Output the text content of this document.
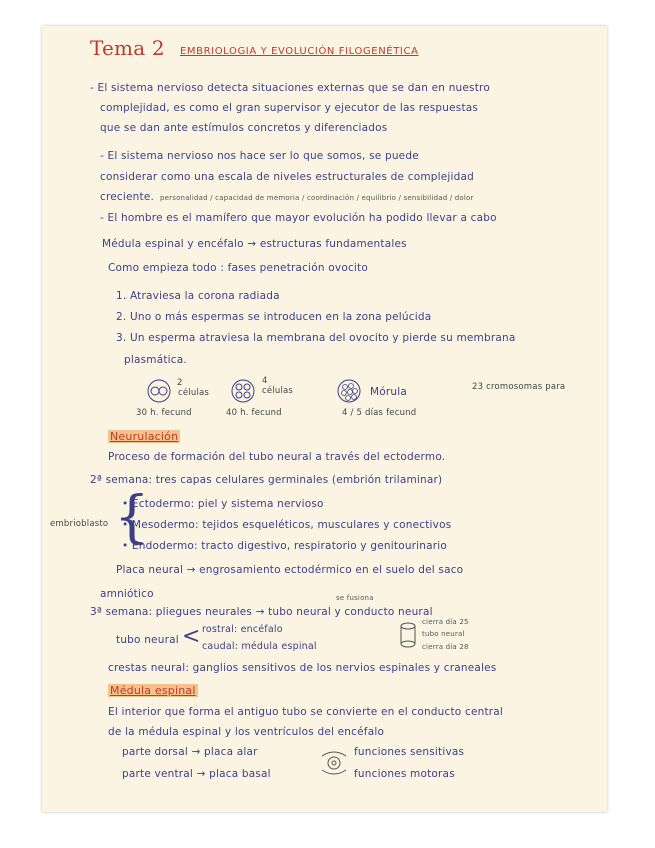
Tema 2 EMBRIOLOGIA Y EVOLUCIÓN FILOGENÉTICA
- El sistema nervioso detecta situaciones externas que se dan en nuestro
complejidad, es como el gran supervisor y ejecutor de las respuestas
que se dan ante estímulos concretos y diferenciados
- El sistema nervioso nos hace ser lo que somos, se puede
considerar como una escala de niveles estructurales de complejidad
creciente. personalidad / capacidad de memoria / coordinación / equilibrio / sensibilidad / dolor
- El hombre es el mamífero que mayor evolución ha podido llevar a cabo
Médula espinal y encéfalo → estructuras fundamentales
Como empieza todo : fases penetración ovocito
1. Atraviesa la corona radiada
2. Uno o más espermas se introducen en la zona pelúcida
3. Un esperma atraviesa la membrana del ovocito y pierde su membrana
plasmática.
2
células
30 h. fecund
4
células
40 h. fecund
Mórula
4 / 5 días fecund
23 cromosomas para
Neurulación
Proceso de formación del tubo neural a través del ectodermo.
2ª semana: tres capas celulares germinales (embrión trilaminar)
embrioblasto {
• Ectodermo: piel y sistema nervioso
• Mesodermo: tejidos esqueléticos, musculares y conectivos
• Endodermo: tracto digestivo, respiratorio y genitourinario
Placa neural → engrosamiento ectodérmico en el suelo del saco
amniótico	se fusiona
3ª semana: pliegues neurales → tubo neural y conducto neural
tubo neural < rostral: encéfalo
caudal: médula espinal
cierra día 25
tubo neural
cierra día 28
crestas neural: ganglios sensitivos de los nervios espinales y craneales
Médula espinal
El interior que forma el antiguo tubo se convierte en el conducto central
de la médula espinal y los ventrículos del encéfalo
parte dorsal → placa alar
parte ventral → placa basal
funciones sensitivas
funciones motoras
